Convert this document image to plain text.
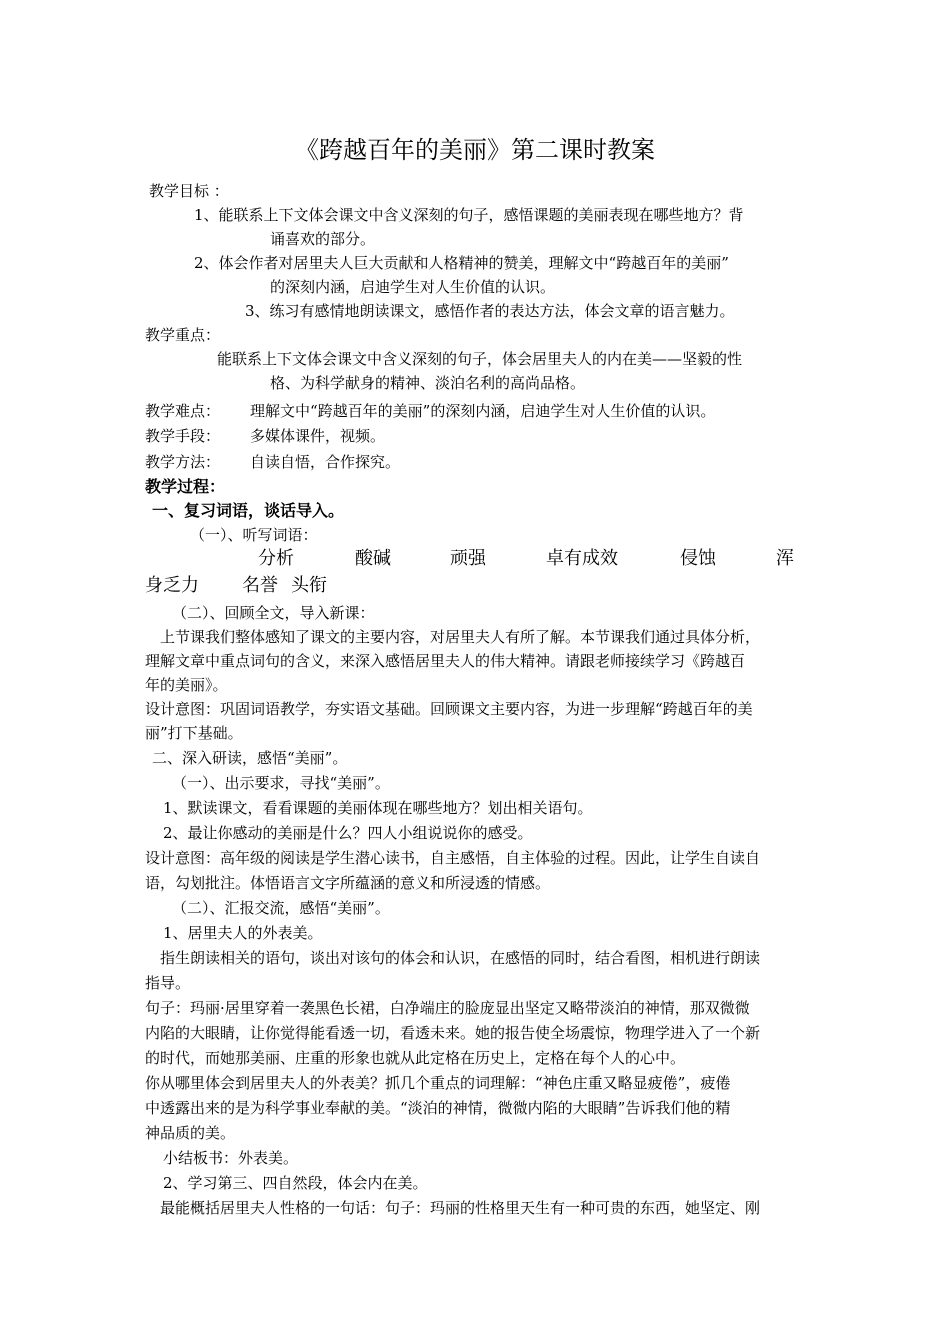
《跨越百年的美丽》第二课时教案
教学目标 ：
1、能联系上下文体会课文中含义深刻的句子，感悟课题的美丽表现在哪些地方？背
诵喜欢的部分。
2、体会作者对居里夫人巨大贡献和人格精神的赞美，理解文中“跨越百年的美丽”
的深刻内涵，启迪学生对人生价值的认识。
3、练习有感情地朗读课文，感悟作者的表达方法，体会文章的语言魅力。
教学重点：
能联系上下文体会课文中含义深刻的句子，体会居里夫人的内在美——坚毅的性
格、为科学献身的精神、淡泊名利的高尚品格。
教学难点： 理解文中“跨越百年的美丽”的深刻内涵，启迪学生对人生价值的认识。
教学手段： 多媒体课件，视频。
教学方法： 自读自悟，合作探究。
教学过程：
一、复习词语，谈话导入。
（一）、听写词语：
分析	酸碱	顽强	卓有成效	侵蚀	浑
身乏力 名誉 头衔
（二）、回顾全文，导入新课：
上节课我们整体感知了课文的主要内容，对居里夫人有所了解。本节课我们通过具体分析，
理解文章中重点词句的含义，来深入感悟居里夫人的伟大精神。请跟老师接续学习《跨越百
年的美丽》。
设计意图：巩固词语教学，夯实语文基础。回顾课文主要内容，为进一步理解“跨越百年的美
丽”打下基础。
二、深入研读，感悟“美丽”。
（一）、出示要求，寻找“美丽”。
1、默读课文，看看课题的美丽体现在哪些地方？划出相关语句。
2、最让你感动的美丽是什么？四人小组说说你的感受。
设计意图：高年级的阅读是学生潜心读书，自主感悟，自主体验的过程。因此，让学生自读自
语，勾划批注。体悟语言文字所蕴涵的意义和所浸透的情感。
（二）、汇报交流，感悟“美丽”。
1、居里夫人的外表美。
指生朗读相关的语句，谈出对该句的体会和认识，在感悟的同时，结合看图，相机进行朗读
指导。
句子：玛丽·居里穿着一袭黑色长裙，白净端庄的脸庞显出坚定又略带淡泊的神情，那双微微
内陷的大眼睛，让你觉得能看透一切，看透未来。她的报告使全场震惊，物理学进入了一个新
的时代，而她那美丽、庄重的形象也就从此定格在历史上，定格在每个人的心中。
你从哪里体会到居里夫人的外表美？抓几个重点的词理解：“神色庄重又略显疲倦”，疲倦
中透露出来的是为科学事业奉献的美。“淡泊的神情，微微内陷的大眼睛”告诉我们他的精
神品质的美。
小结板书：外表美。
2、学习第三、四自然段，体会内在美。
最能概括居里夫人性格的一句话：句子：玛丽的性格里天生有一种可贵的东西，她坚定、刚
